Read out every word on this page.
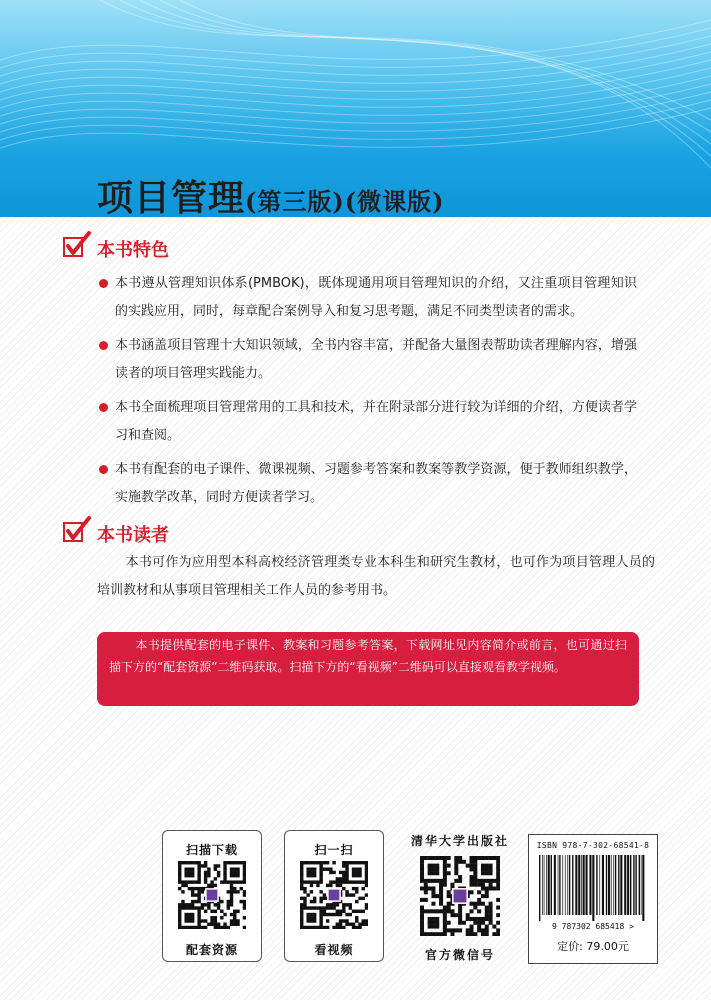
项目管理(第三版)(微课版)
本书特色
本书遵从管理知识体系(PMBOK)，既体现通用项目管理知识的介绍，又注重项目管理知识的实践应用，同时，每章配合案例导入和复习思考题，满足不同类型读者的需求。
本书涵盖项目管理十大知识领域，全书内容丰富，并配备大量图表帮助读者理解内容，增强读者的项目管理实践能力。
本书全面梳理项目管理常用的工具和技术，并在附录部分进行较为详细的介绍，方便读者学习和查阅。
本书有配套的电子课件、微课视频、习题参考答案和教案等教学资源，便于教师组织教学，实施教学改革，同时方便读者学习。
本书读者

本书可作为应用型本科高校经济管理类专业本科生和研究生教材，也可作为项目管理人员的培训教材和从事项目管理相关工作人员的参考用书。

本书提供配套的电子课件、教案和习题参考答案，下载网址见内容简介或前言，也可通过扫描下方的“配套资源”二维码获取。扫描下方的“看视频”二维码可以直接观看教学视频。

扫描下载
配套资源
扫一扫
看视频
清华大学出版社
官方微信号
ISBN 978-7-302-68541-8
9 787302 685418 >
定价: 79.00元
